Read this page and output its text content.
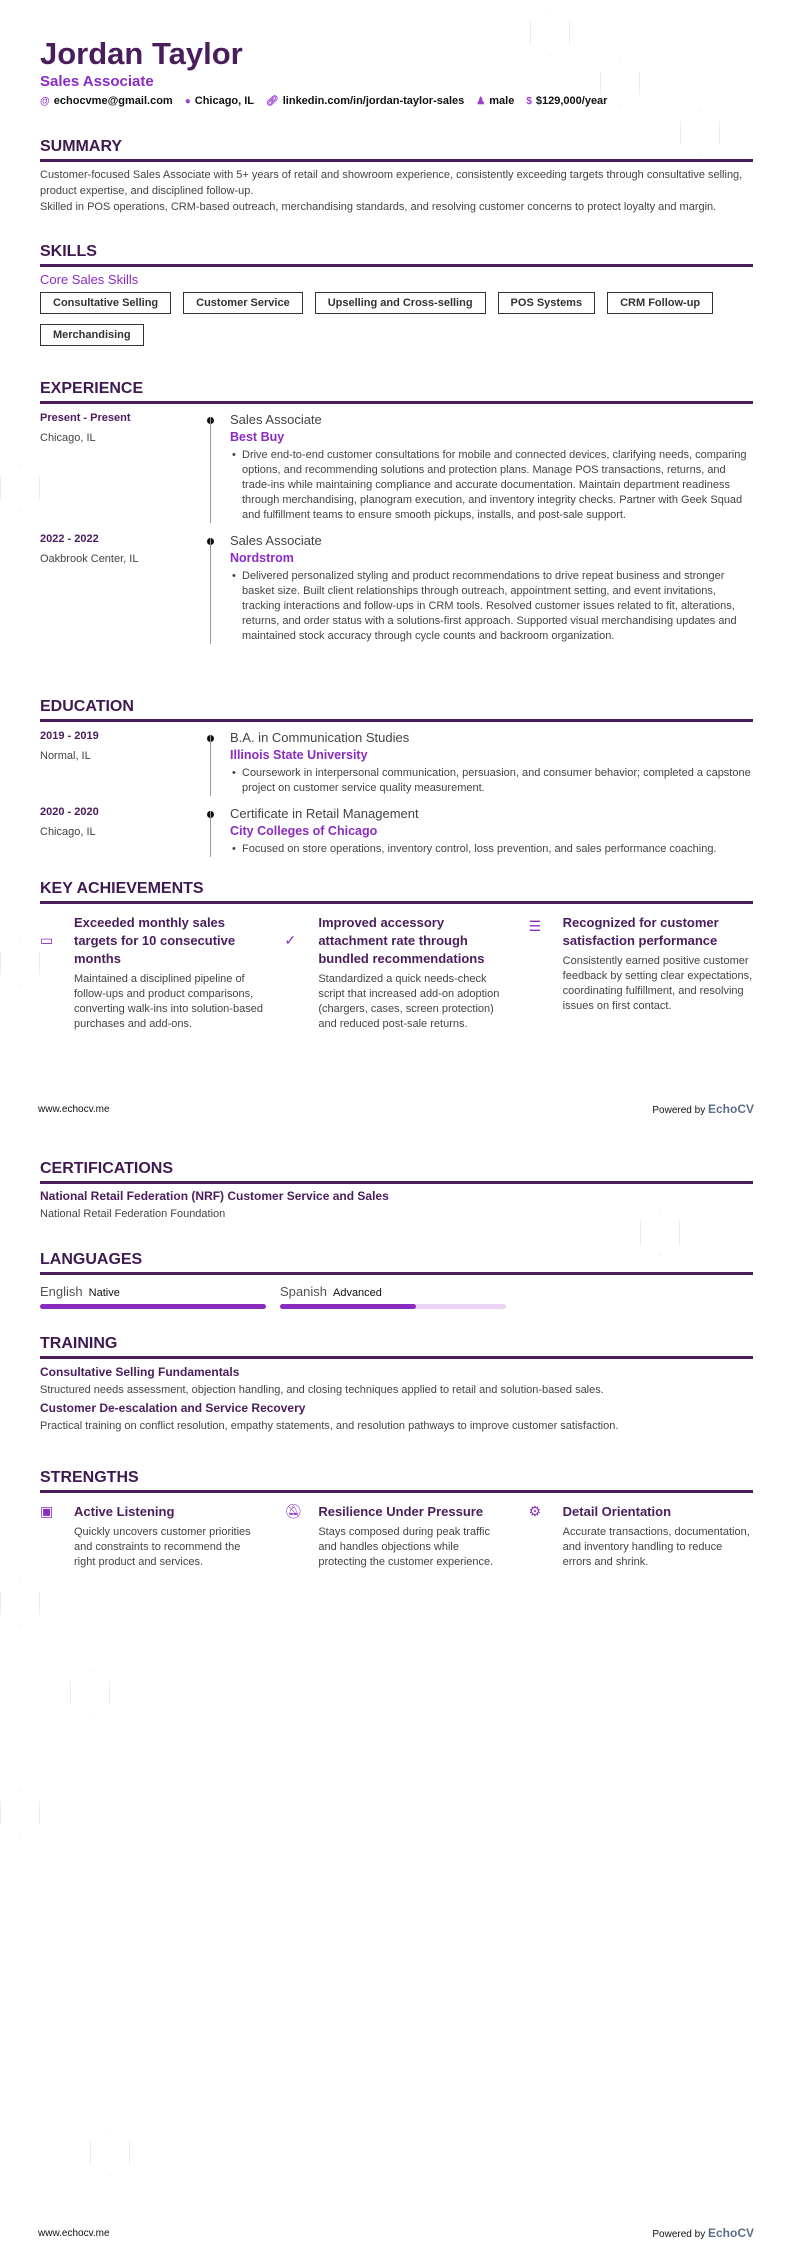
Jordan Taylor
Sales Associate
@ echocvme@gmail.com ● Chicago, IL 🔗︎ linkedin.com/in/jordan-taylor-sales ♟ male $ $129,000/year
SUMMARY

Customer-focused Sales Associate with 5+ years of retail and showroom experience, consistently exceeding targets through consultative selling, product expertise, and disciplined follow-up.

Skilled in POS operations, CRM-based outreach, merchandising standards, and resolving customer concerns to protect loyalty and margin.

SKILLS
Core Sales Skills
Consultative Selling	Customer Service	Upselling and Cross-selling	POS Systems	CRM Follow-up
Merchandising
EXPERIENCE
Present - Present
Chicago, IL
Sales Associate
Best Buy
• Drive end-to-end customer consultations for mobile and connected devices, clarifying needs, comparing options, and recommending solutions and protection plans. Manage POS transactions, returns, and trade-ins while maintaining compliance and accurate documentation. Maintain department readiness through merchandising, planogram execution, and inventory integrity checks. Partner with Geek Squad and fulfillment teams to ensure smooth pickups, installs, and post-sale support.
2022 - 2022
Oakbrook Center, IL
Sales Associate
Nordstrom
• Delivered personalized styling and product recommendations to drive repeat business and stronger basket size. Built client relationships through outreach, appointment setting, and event invitations, tracking interactions and follow-ups in CRM tools. Resolved customer issues related to fit, alterations, returns, and order status with a solutions-first approach. Supported visual merchandising updates and maintained stock accuracy through cycle counts and backroom organization.
EDUCATION
2019 - 2019
Normal, IL
B.A. in Communication Studies
Illinois State University
• Coursework in interpersonal communication, persuasion, and consumer behavior; completed a capstone project on customer service quality measurement.
2020 - 2020
Chicago, IL
Certificate in Retail Management
City Colleges of Chicago
• Focused on store operations, inventory control, loss prevention, and sales performance coaching.
KEY ACHIEVEMENTS
▭
Exceeded monthly sales targets for 10 consecutive months

Maintained a disciplined pipeline of follow-ups and product comparisons, converting walk-ins into solution-based purchases and add-ons.

✓
Improved accessory attachment rate through bundled recommendations

Standardized a quick needs-check script that increased add-on adoption (chargers, cases, screen protection) and reduced post-sale returns.

☰	Recognized for customer satisfaction performance

Consistently earned positive customer feedback by setting clear expectations, coordinating fulfillment, and resolving issues on first contact.

www.echocv.me	Powered by EchoCV
CERTIFICATIONS
National Retail Federation (NRF) Customer Service and Sales

National Retail Federation Foundation

LANGUAGES
English Native	Spanish Advanced
TRAINING
Consultative Selling Fundamentals

Structured needs assessment, objection handling, and closing techniques applied to retail and solution-based sales.

Customer De-escalation and Service Recovery

Practical training on conflict resolution, empathy statements, and resolution pathways to improve customer satisfaction.

STRENGTHS
▣	Active Listening

Quickly uncovers customer priorities and constraints to recommend the right product and services.

🔕︎	Resilience Under Pressure

Stays composed during peak traffic and handles objections while protecting the customer experience.

⚙	Detail Orientation

Accurate transactions, documentation, and inventory handling to reduce errors and shrink.

www.echocv.me	Powered by EchoCV
